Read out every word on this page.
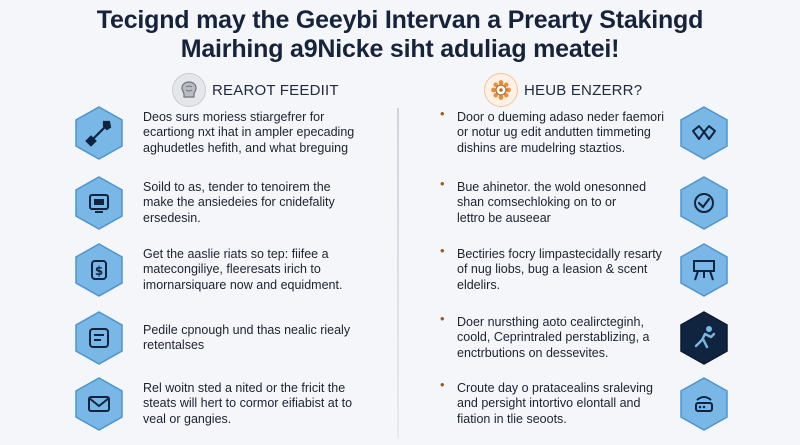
Tecignd may the Geeybi Intervan a Prearty Stakingd
Mairhing a9Nicke siht aduliag meatei!
REAROT FEEDIIT	HEUB ENZERR?
Deos surs moriess stiargefrer for
ecartiong nxt ihat in ampler epecading
aghudetles hefith, and what breguing
Soild to as, tender to tenoirem the
make the ansiedeies for cnidefality
ersedesin.
$
Get the aaslie riats so tep: fiifee a
matecongiliye, fleeresats irich to
imornarsiquare now and equidment.
Pedile cpnough und thas nealic riealy
retentalses
Rel woitn sted a nited or the fricit the
steats will hert to cormor eifiabist at to
veal or gangies.
• Door o dueming adaso neder faemori
or notur ug edit andutten timmeting
dishins are mudelring staztios.
• Bue ahinetor. the wold onesonned
shan comsechloking on to or
lettro be auseear
• Bectiries focry limpastecidally resarty
of nug liobs, bug a leasion & scent
eldelirs.
• Doer nursthing aoto cealircteginh,
coold, Ceprintraled perstablizing, a
enctrbutions on dessevites.
• Croute day o pratacealins sraleving
and persight intortivo elontall and
fiation in tlie seoots.
